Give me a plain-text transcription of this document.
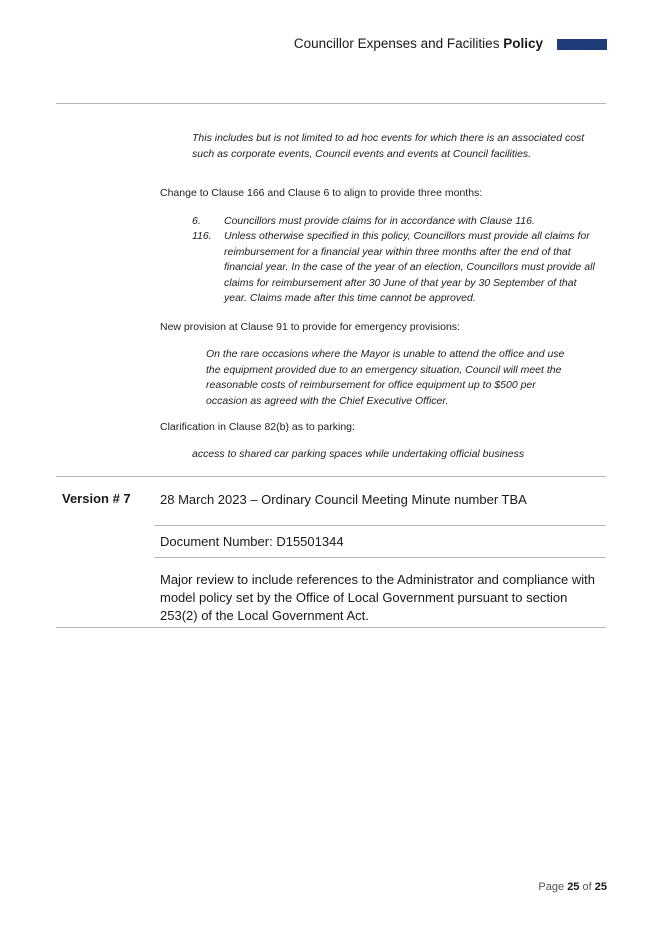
Councillor Expenses and Facilities Policy
This includes but is not limited to ad hoc events for which there is an associated cost such as corporate events, Council events and events at Council facilities.
Change to Clause 166 and Clause 6 to align to provide three months:
6. Councillors must provide claims for in accordance with Clause 116.
116. Unless otherwise specified in this policy, Councillors must provide all claims for reimbursement for a financial year within three months after the end of that financial year. In the case of the year of an election, Councillors must provide all claims for reimbursement after 30 June of that year by 30 September of that year. Claims made after this time cannot be approved.
New provision at Clause 91 to provide for emergency provisions:
On the rare occasions where the Mayor is unable to attend the office and use the equipment provided due to an emergency situation, Council will meet the reasonable costs of reimbursement for office equipment up to $500 per occasion as agreed with the Chief Executive Officer.
Clarification in Clause 82(b) as to parking:
access to shared car parking spaces while undertaking official business
Version # 7 28 March 2023 – Ordinary Council Meeting Minute number TBA
Document Number: D15501344
Major review to include references to the Administrator and compliance with model policy set by the Office of Local Government pursuant to section 253(2) of the Local Government Act.
Page 25 of 25
